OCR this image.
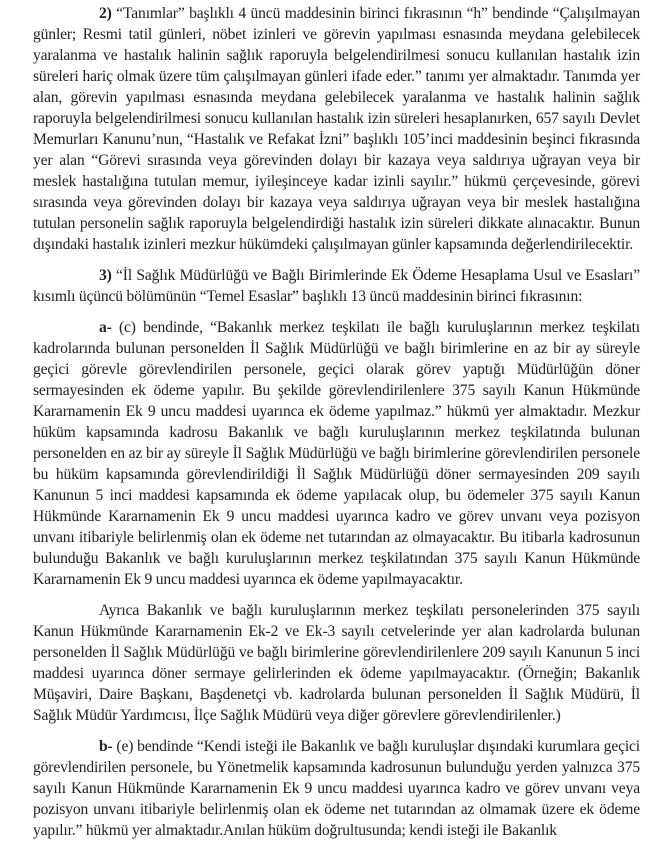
2) “Tanımlar” başlıklı 4 üncü maddesinin birinci fıkrasının “h” bendinde “Çalışılmayan günler; Resmi tatil günleri, nöbet izinleri ve görevin yapılması esnasında meydana gelebilecek yaralanma ve hastalık halinin sağlık raporuyla belgelendirilmesi sonucu kullanılan hastalık izin süreleri hariç olmak üzere tüm çalışılmayan günleri ifade eder.” tanımı yer almaktadır. Tanımda yer alan, görevin yapılması esnasında meydana gelebilecek yaralanma ve hastalık halinin sağlık raporuyla belgelendirilmesi sonucu kullanılan hastalık izin süreleri hesaplanırken, 657 sayılı Devlet Memurları Kanunu’nun, “Hastalık ve Refakat İzni” başlıklı 105’inci maddesinin beşinci fıkrasında yer alan “Görevi sırasında veya görevinden dolayı bir kazaya veya saldırıya uğrayan veya bir meslek hastalığına tutulan memur, iyileşinceye kadar izinli sayılır.” hükmü çerçevesinde, görevi sırasında veya görevinden dolayı bir kazaya veya saldırıya uğrayan veya bir meslek hastalığına tutulan personelin sağlık raporuyla belgelendirdiği hastalık izin süreleri dikkate alınacaktır. Bunun dışındaki hastalık izinleri mezkur hükümdeki çalışılmayan günler kapsamında değerlendirilecektir.

3) “İl Sağlık Müdürlüğü ve Bağlı Birimlerinde Ek Ödeme Hesaplama Usul ve Esasları” kısımlı üçüncü bölümünün “Temel Esaslar” başlıklı 13 üncü maddesinin birinci fıkrasının:

a- (c) bendinde, “Bakanlık merkez teşkilatı ile bağlı kuruluşlarının merkez teşkilatı kadrolarında bulunan personelden İl Sağlık Müdürlüğü ve bağlı birimlerine en az bir ay süreyle geçici görevle görevlendirilen personele, geçici olarak görev yaptığı Müdürlüğün döner sermayesinden ek ödeme yapılır. Bu şekilde görevlendirilenlere 375 sayılı Kanun Hükmünde Kararnamenin Ek 9 uncu maddesi uyarınca ek ödeme yapılmaz.” hükmü yer almaktadır. Mezkur hüküm kapsamında kadrosu Bakanlık ve bağlı kuruluşlarının merkez teşkilatında bulunan personelden en az bir ay süreyle İl Sağlık Müdürlüğü ve bağlı birimlerine görevlendirilen personele bu hüküm kapsamında görevlendirildiği İl Sağlık Müdürlüğü döner sermayesinden 209 sayılı Kanunun 5 inci maddesi kapsamında ek ödeme yapılacak olup, bu ödemeler 375 sayılı Kanun Hükmünde Kararnamenin Ek 9 uncu maddesi uyarınca kadro ve görev unvanı veya pozisyon unvanı itibariyle belirlenmiş olan ek ödeme net tutarından az olmayacaktır. Bu itibarla kadrosunun bulunduğu Bakanlık ve bağlı kuruluşlarının merkez teşkilatından 375 sayılı Kanun Hükmünde Kararnamenin Ek 9 uncu maddesi uyarınca ek ödeme yapılmayacaktır.

Ayrıca Bakanlık ve bağlı kuruluşlarının merkez teşkilatı personelerinden 375 sayılı Kanun Hükmünde Kararnamenin Ek-2 ve Ek-3 sayılı cetvelerinde yer alan kadrolarda bulunan personelden İl Sağlık Müdürlüğü ve bağlı birimlerine görevlendirilenlere 209 sayılı Kanunun 5 inci maddesi uyarınca döner sermaye gelirlerinden ek ödeme yapılmayacaktır. (Örneğin; Bakanlık Müşaviri, Daire Başkanı, Başdenetçi vb. kadrolarda bulunan personelden İl Sağlık Müdürü, İl Sağlık Müdür Yardımcısı, İlçe Sağlık Müdürü veya diğer görevlere görevlendirilenler.)

b- (e) bendinde “Kendi isteği ile Bakanlık ve bağlı kuruluşlar dışındaki kurumlara geçici görevlendirilen personele, bu Yönetmelik kapsamında kadrosunun bulunduğu yerden yalnızca 375 sayılı Kanun Hükmünde Kararnamenin Ek 9 uncu maddesi uyarınca kadro ve görev unvanı veya pozisyon unvanı itibariyle belirlenmiş olan ek ödeme net tutarından az olmamak üzere ek ödeme yapılır.” hükmü yer almaktadır.Anılan hüküm doğrultusunda; kendi isteği ile Bakanlık
